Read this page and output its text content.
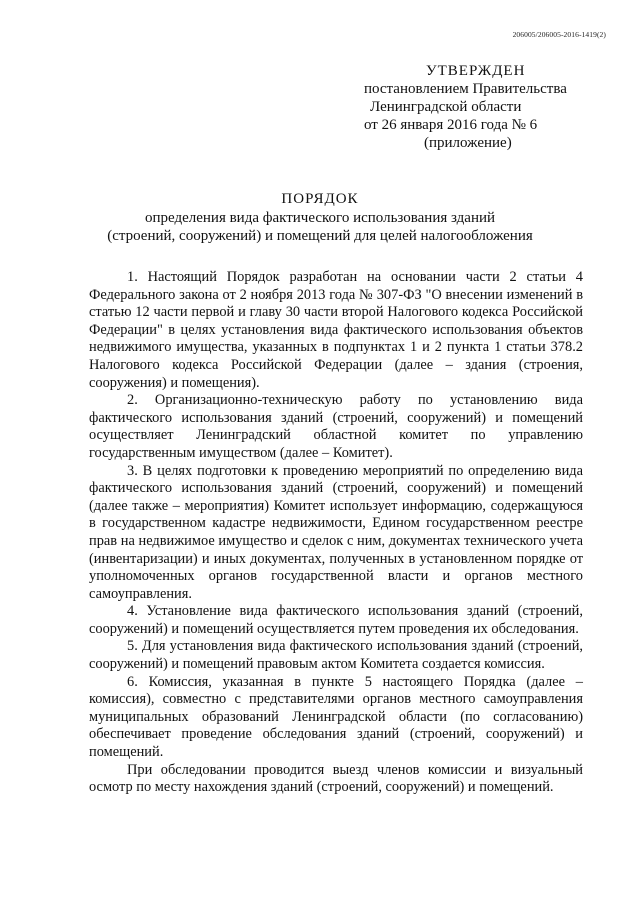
206005/206005-2016-1419(2)
УТВЕРЖДЕН
постановлением Правительства
Ленинградской области
от 26 января 2016 года № 6
(приложение)
ПОРЯДОК
определения вида фактического использования зданий
(строений, сооружений) и помещений для целей налогообложения

1. Настоящий Порядок разработан на основании части 2 статьи 4 Федерального закона от 2 ноября 2013 года № 307-ФЗ "О внесении изменений в статью 12 части первой и главу 30 части второй Налогового кодекса Российской Федерации" в целях установления вида фактического использования объектов недвижимого имущества, указанных в подпунктах 1 и 2 пункта 1 статьи 378.2 Налогового кодекса Российской Федерации (далее – здания (строения, сооружения) и помещения).

2. Организационно-техническую работу по установлению вида фактического использования зданий (строений, сооружений) и помещений осуществляет Ленинградский областной комитет по управлению государственным имуществом (далее – Комитет).

3. В целях подготовки к проведению мероприятий по определению вида фактического использования зданий (строений, сооружений) и помещений (далее также – мероприятия) Комитет использует информацию, содержащуюся в государственном кадастре недвижимости, Едином государственном реестре прав на недвижимое имущество и сделок с ним, документах технического учета (инвентаризации) и иных документах, полученных в установленном порядке от уполномоченных органов государственной власти и органов местного самоуправления.

4. Установление вида фактического использования зданий (строений, сооружений) и помещений осуществляется путем проведения их обследования.

5. Для установления вида фактического использования зданий (строений, сооружений) и помещений правовым актом Комитета создается комиссия.

6. Комиссия, указанная в пункте 5 настоящего Порядка (далее – комиссия), совместно с представителями органов местного самоуправления муниципальных образований Ленинградской области (по согласованию) обеспечивает проведение обследования зданий (строений, сооружений) и помещений.

При обследовании проводится выезд членов комиссии и визуальный осмотр по месту нахождения зданий (строений, сооружений) и помещений.
